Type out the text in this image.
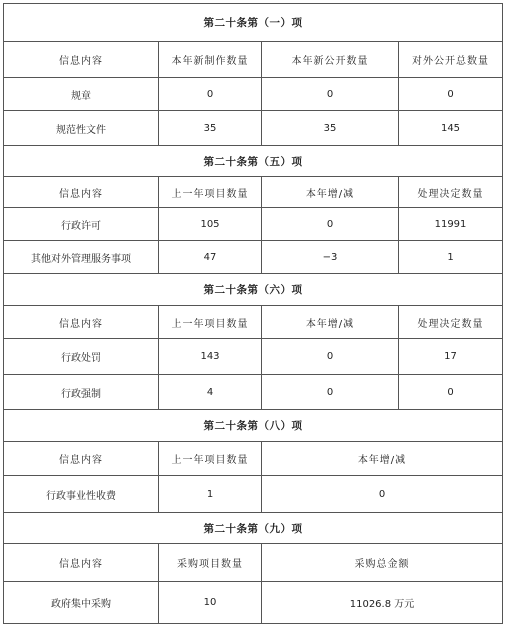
第二十条第（一）项			
信息内容	本年新制作数量	本年新公开数量	对外公开总数量
规章	0	0	0
规范性文件	35	35	145
第二十条第（五）项			
信息内容	上一年项目数量	本年增/减	处理决定数量
行政许可	105	0	11991
其他对外管理服务事项	47	−3	1
第二十条第（六）项			
信息内容	上一年项目数量	本年增/减	处理决定数量
行政处罚	143	0	17
行政强制	4	0	0
第二十条第（八）项			
信息内容	上一年项目数量	本年增/减	
行政事业性收费	1	0	
第二十条第（九）项			
信息内容	采购项目数量	采购总金额	
政府集中采购	10	11026.8 万元	
